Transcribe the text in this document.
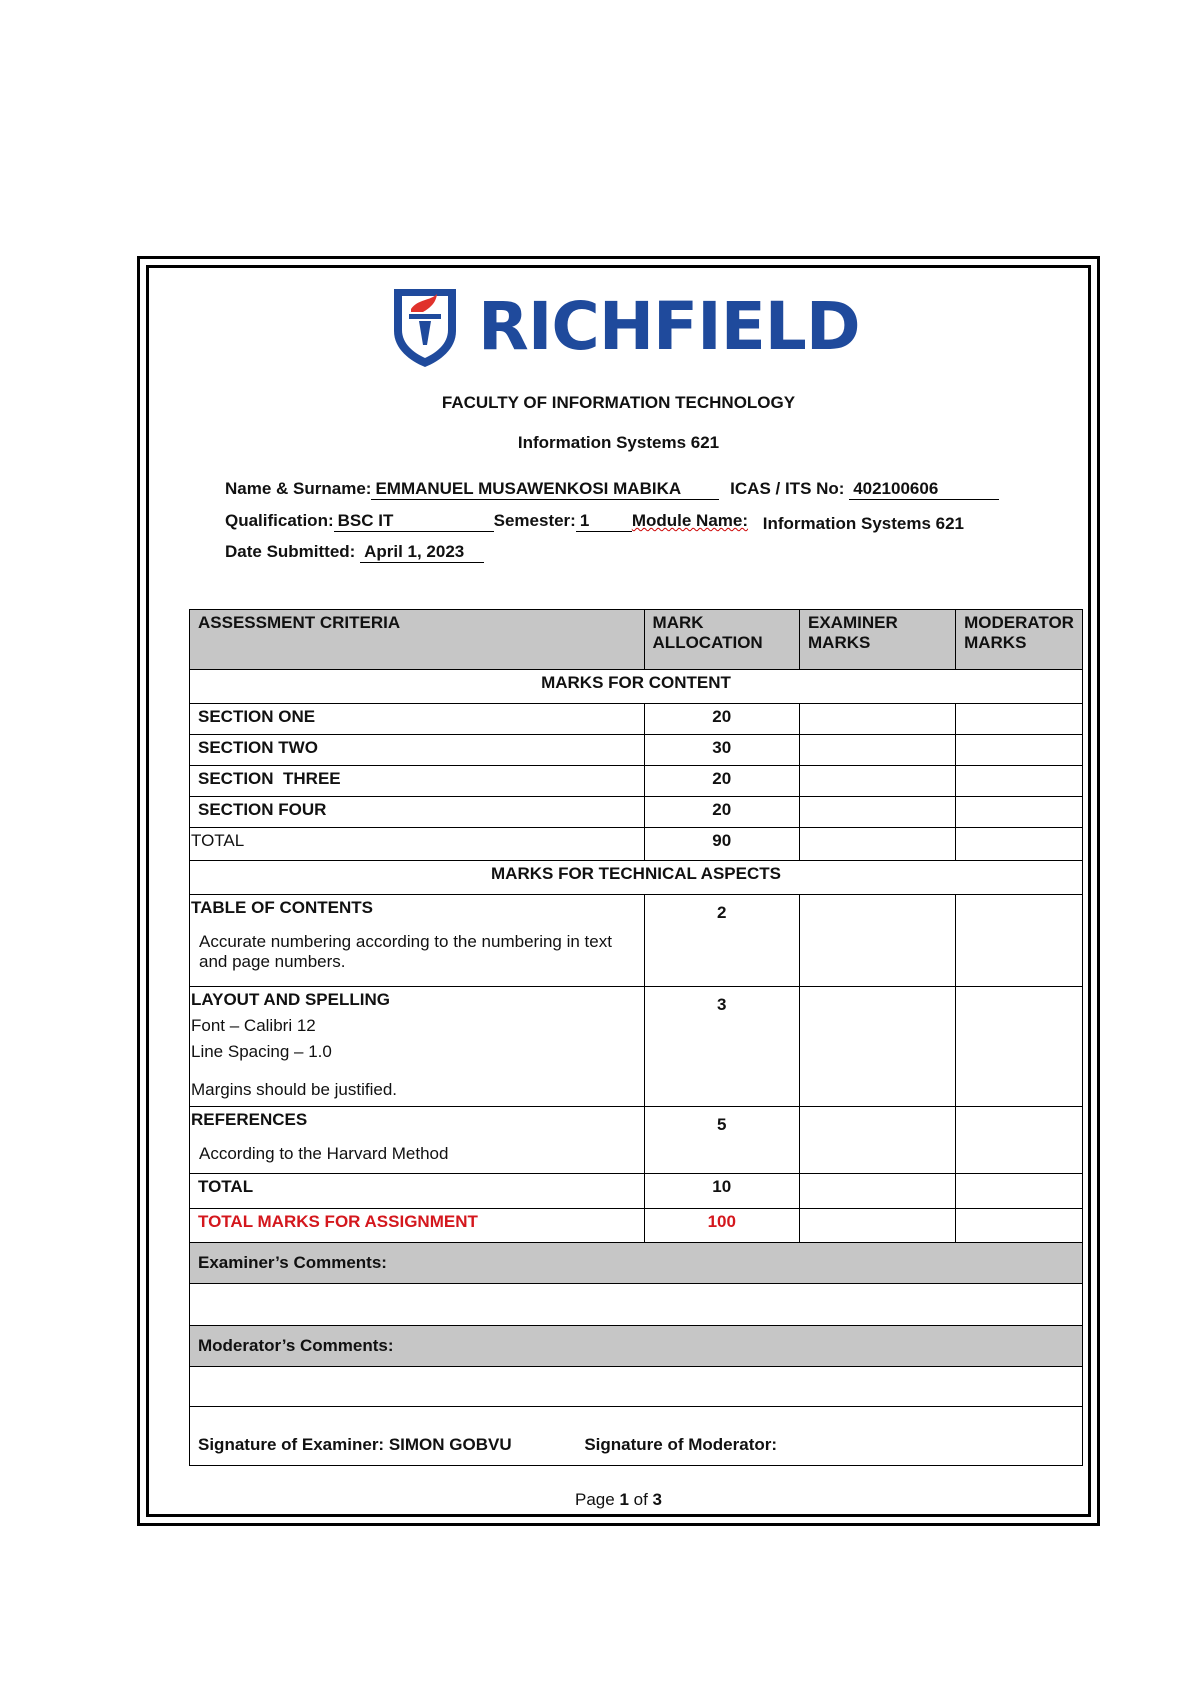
RICHFIELD
FACULTY OF INFORMATION TECHNOLOGY
Information Systems 621
Name & Surname: EMMANUEL MUSAWENKOSI MABIKA	ICAS / ITS No: 402100606
Qualification: BSC IT	Semester: 1	Module Name: Information Systems 621
Date Submitted: April 1, 2023
ASSESSMENT CRITERIA	MARK ALLOCATION	EXAMINER MARKS	MODERATOR MARKS
MARKS FOR CONTENT			
SECTION ONE	20		
SECTION TWO	30		
SECTION  THREE	20		
SECTION FOUR	20		
TOTAL	90		
MARKS FOR TECHNICAL ASPECTS			

TABLE OF CONTENTS
Accurate numbering according to the numbering in text and page numbers.	2		

LAYOUT AND SPELLING
Font – Calibri 12
Line Spacing – 1.0
Margins should be justified.	3		

REFERENCES
According to the Harvard Method	5		
TOTAL	10		
TOTAL MARKS FOR ASSIGNMENT	100		
Examiner’s Comments:			

Moderator’s Comments:			

Signature of Examiner: SIMON GOBVU Signature of Moderator:			
Page 1 of 3
